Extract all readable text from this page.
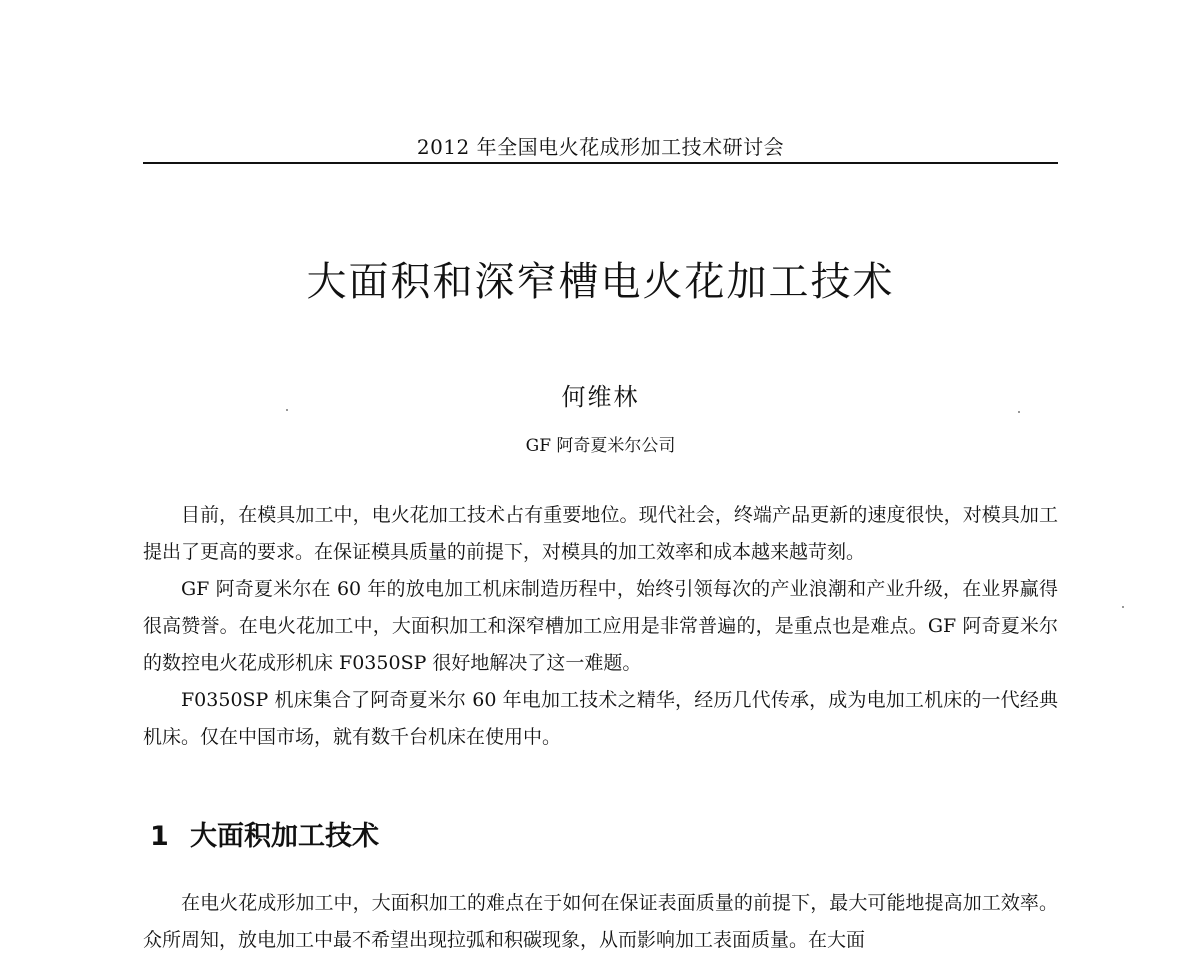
2012 年全国电火花成形加工技术研讨会
大面积和深窄槽电火花加工技术
何维林
GF 阿奇夏米尔公司

目前，在模具加工中，电火花加工技术占有重要地位。现代社会，终端产品更新的速度很快，对模具加工提出了更高的要求。在保证模具质量的前提下，对模具的加工效率和成本越来越苛刻。

GF 阿奇夏米尔在 60 年的放电加工机床制造历程中，始终引领每次的产业浪潮和产业升级，在业界赢得很高赞誉。在电火花加工中，大面积加工和深窄槽加工应用是非常普遍的，是重点也是难点。GF 阿奇夏米尔的数控电火花成形机床 F0350SP 很好地解决了这一难题。

F0350SP 机床集合了阿奇夏米尔 60 年电加工技术之精华，经历几代传承，成为电加工机床的一代经典机床。仅在中国市场，就有数千台机床在使用中。

1 大面积加工技术

在电火花成形加工中，大面积加工的难点在于如何在保证表面质量的前提下，最大可能地提高加工效率。众所周知，放电加工中最不希望出现拉弧和积碳现象，从而影响加工表面质量。在大面
